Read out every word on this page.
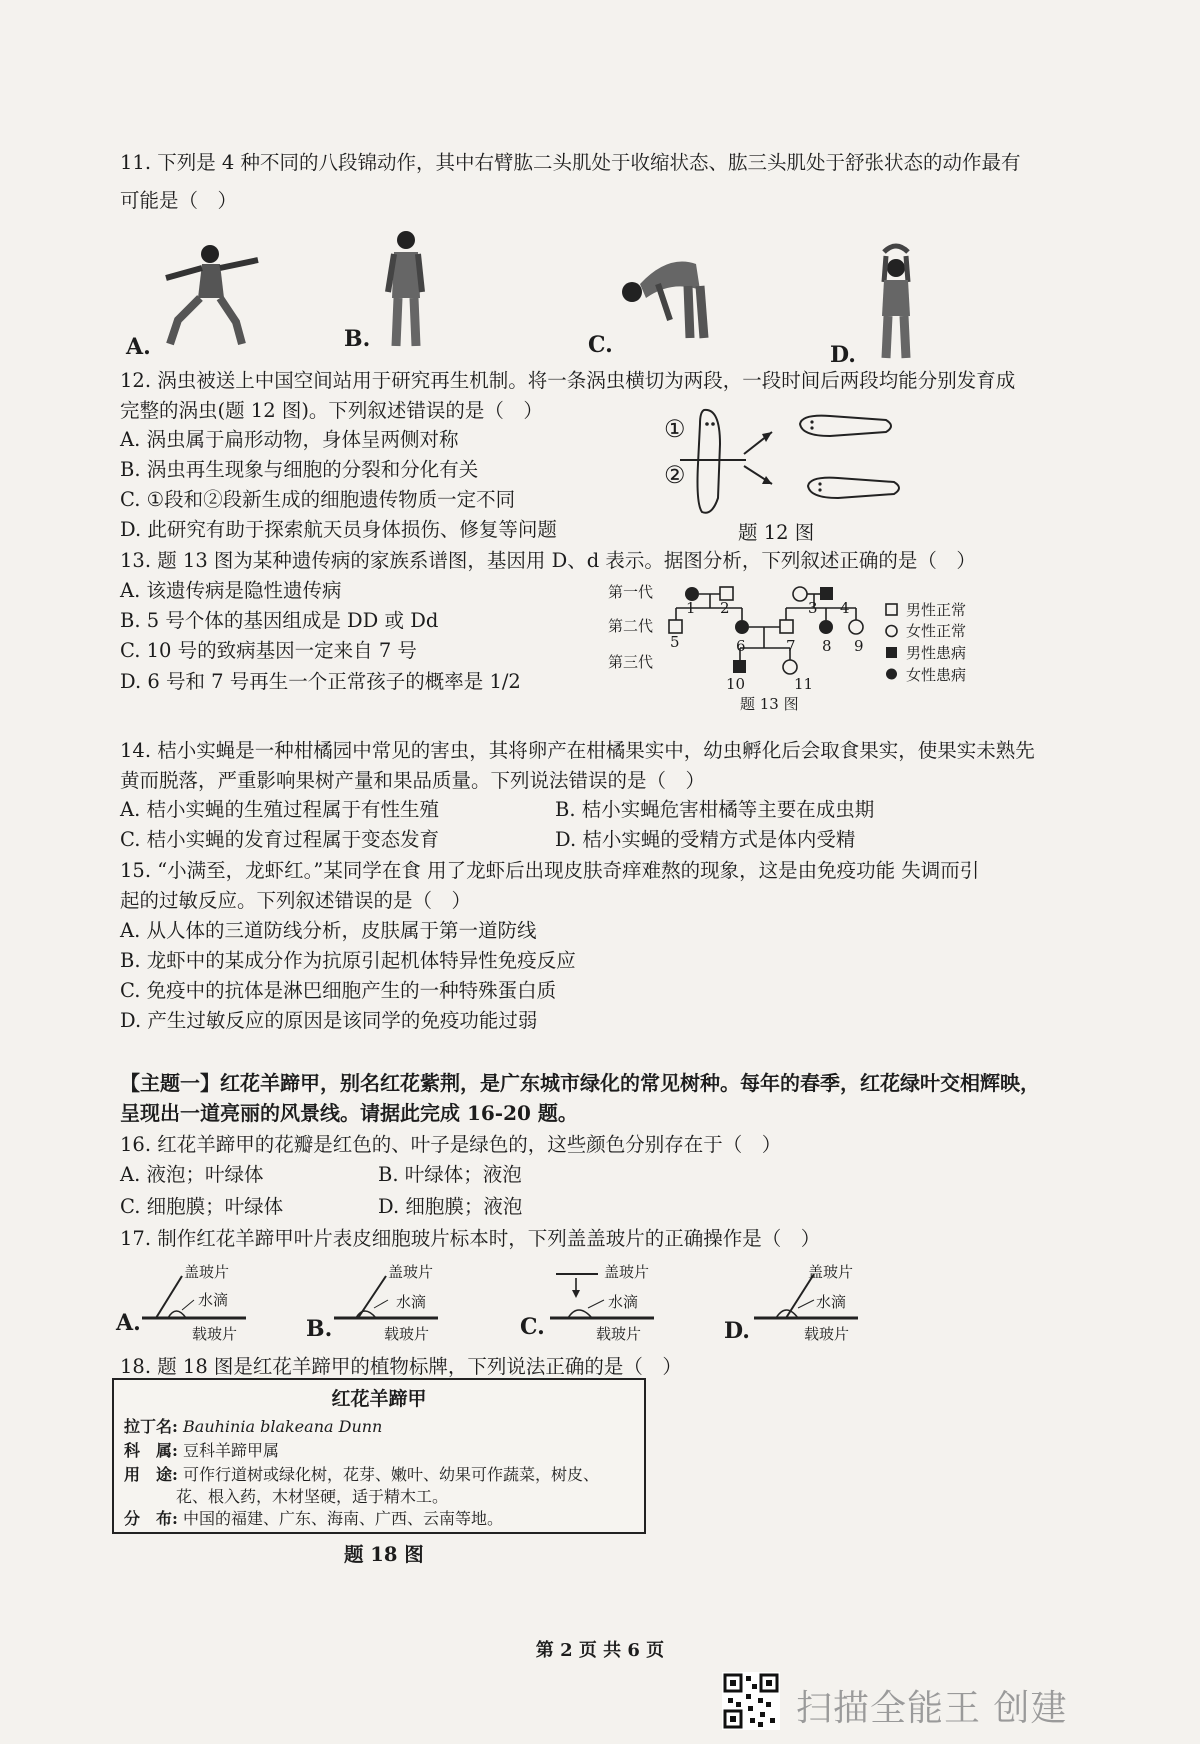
11. 下列是 4 种不同的八段锦动作，其中右臂肱二头肌处于收缩状态、肱三头肌处于舒张状态的动作最有
可能是（　）
A.	B.	C.	D.
12. 涡虫被送上中国空间站用于研究再生机制。将一条涡虫横切为两段，一段时间后两段均能分别发育成
完整的涡虫(题 12 图)。下列叙述错误的是（　）
A. 涡虫属于扁形动物，身体呈两侧对称
B. 涡虫再生现象与细胞的分裂和分化有关
C. ①段和②段新生成的细胞遗传物质一定不同
D. 此研究有助于探索航天员身体损伤、修复等问题
①
②
题 12 图
13. 题 13 图为某种遗传病的家族系谱图，基因用 D、d 表示。据图分析，下列叙述正确的是（　）
A. 该遗传病是隐性遗传病
B. 5 号个体的基因组成是 DD 或 Dd
C. 10 号的致病基因一定来自 7 号
D. 6 号和 7 号再生一个正常孩子的概率是 1/2
第一代
第二代
第三代
1 2	3 4
5	6	7 8 9
10	11
男性正常
女性正常
男性患病
女性患病
题 13 图
14. 桔小实蝇是一种柑橘园中常见的害虫，其将卵产在柑橘果实中，幼虫孵化后会取食果实，使果实未熟先
黄而脱落，严重影响果树产量和果品质量。下列说法错误的是（　）
A. 桔小实蝇的生殖过程属于有性生殖	B. 桔小实蝇危害柑橘等主要在成虫期
C. 桔小实蝇的发育过程属于变态发育	D. 桔小实蝇的受精方式是体内受精
15. “小满至，龙虾红。”某同学在食 用了龙虾后出现皮肤奇痒难熬的现象，这是由免疫功能 失调而引
起的过敏反应。下列叙述错误的是（　）
A. 从人体的三道防线分析，皮肤属于第一道防线
B. 龙虾中的某成分作为抗原引起机体特异性免疫反应
C. 免疫中的抗体是淋巴细胞产生的一种特殊蛋白质
D. 产生过敏反应的原因是该同学的免疫功能过弱
【主题一】红花羊蹄甲，别名红花紫荆，是广东城市绿化的常见树种。每年的春季，红花绿叶交相辉映，
呈现出一道亮丽的风景线。请据此完成 16-20 题。
16. 红花羊蹄甲的花瓣是红色的、叶子是绿色的，这些颜色分别存在于（　）
A. 液泡；叶绿体	B. 叶绿体；液泡
C. 细胞膜；叶绿体	D. 细胞膜；液泡
17. 制作红花羊蹄甲叶片表皮细胞玻片标本时，下列盖盖玻片的正确操作是（　）
A.
盖玻片
水滴
载玻片	B.
盖玻片
水滴
载玻片	C.
盖玻片
水滴
载玻片	D.
盖玻片
水滴
载玻片
18. 题 18 图是红花羊蹄甲的植物标牌，下列说法正确的是（　）
红花羊蹄甲
拉丁名: Bauhinia blakeana Dunn
科　属: 豆科羊蹄甲属
用　途: 可作行道树或绿化树，花芽、嫩叶、幼果可作蔬菜，树皮、
花、根入药，木材坚硬，适于精木工。
分　布: 中国的福建、广东、海南、广西、云南等地。
题 18 图
第 2 页 共 6 页
扫描全能王 创建
